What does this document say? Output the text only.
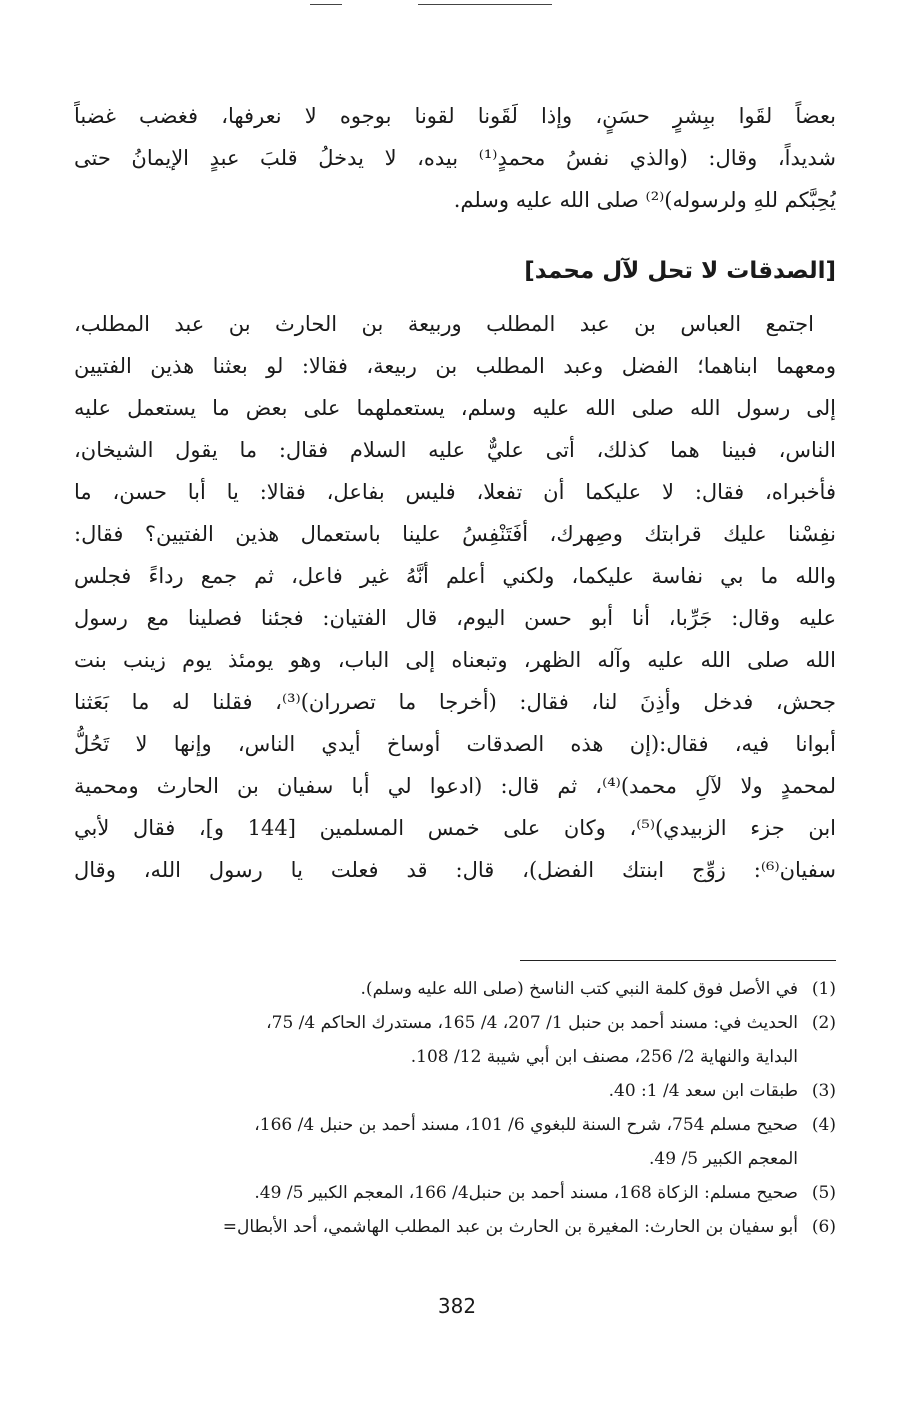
بعضاً لقَوا ببِشرٍ حسَنٍ، وإذا لَقَونا لقونا بوجوه لا نعرفها، فغضب غضباً
شديداً، وقال: (والذي نفسُ محمدٍ⁽¹⁾ بيده، لا يدخلُ قلبَ عبدٍ الإيمانُ حتى
يُحِبَّكم للهِ ولرسوله)⁽²⁾ صلى الله عليه وسلم.
[الصدقات لا تحل لآل محمد]
اجتمع العباس بن عبد المطلب وربيعة بن الحارث بن عبد المطلب،
ومعهما ابناهما؛ الفضل وعبد المطلب بن ربيعة، فقالا: لو بعثنا هذين الفتيين
إلى رسول الله صلى الله عليه وسلم، يستعملهما على بعض ما يستعمل عليه
الناس، فبينا هما كذلك، أتى عليٌّ عليه السلام فقال: ما يقول الشيخان،
فأخبراه، فقال: لا عليكما أن تفعلا، فليس بفاعل، فقالا: يا أبا حسن، ما
نفِسْنا عليك قرابتك وصِهرك، أفَتَنْفِسُ علينا باستعمال هذين الفتيين؟ فقال:
والله ما بي نفاسة عليكما، ولكني أعلم أنَّهُ غير فاعل، ثم جمع رداءً فجلس
عليه وقال: جَرِّبا، أنا أبو حسن اليوم، قال الفتيان: فجئنا فصلينا مع رسول
الله صلى الله عليه وآله الظهر، وتبعناه إلى الباب، وهو يومئذ يوم زينب بنت
جحش، فدخل وأذِنَ لنا، فقال: (أخرجا ما تصرران)⁽³⁾، فقلنا له ما بَعَثنا
أبوانا فيه، فقال:(إن هذه الصدقات أوساخ أيدي الناس، وإنها لا تَحُلُّ
لمحمدٍ ولا لآلِ محمد)⁽⁴⁾، ثم قال: (ادعوا لي أبا سفيان بن الحارث ومحمية
ابن جزء الزبيدي)⁽⁵⁾، وكان على خمس المسلمين [144 و]، فقال لأبي
سفيان⁽⁶⁾: زوِّج ابنتك الفضل)، قال: قد فعلت يا رسول الله، وقال
(1)
في الأصل فوق كلمة النبي كتب الناسخ (صلى الله عليه وسلم).
(2)
الحديث في: مسند أحمد بن حنبل 1/ 207، 4/ 165، مستدرك الحاكم 4/ 75،
البداية والنهاية 2/ 256، مصنف ابن أبي شيبة 12/ 108.
(3)
طبقات ابن سعد 4/ 1: 40.
(4)
صحيح مسلم 754، شرح السنة للبغوي 6/ 101، مسند أحمد بن حنبل 4/ 166،
المعجم الكبير 5/ 49.
(5)
صحيح مسلم: الزكاة 168، مسند أحمد بن حنبل4/ 166، المعجم الكبير 5/ 49.
(6)
أبو سفيان بن الحارث: المغيرة بن الحارث بن عبد المطلب الهاشمي، أحد الأبطال=
382
